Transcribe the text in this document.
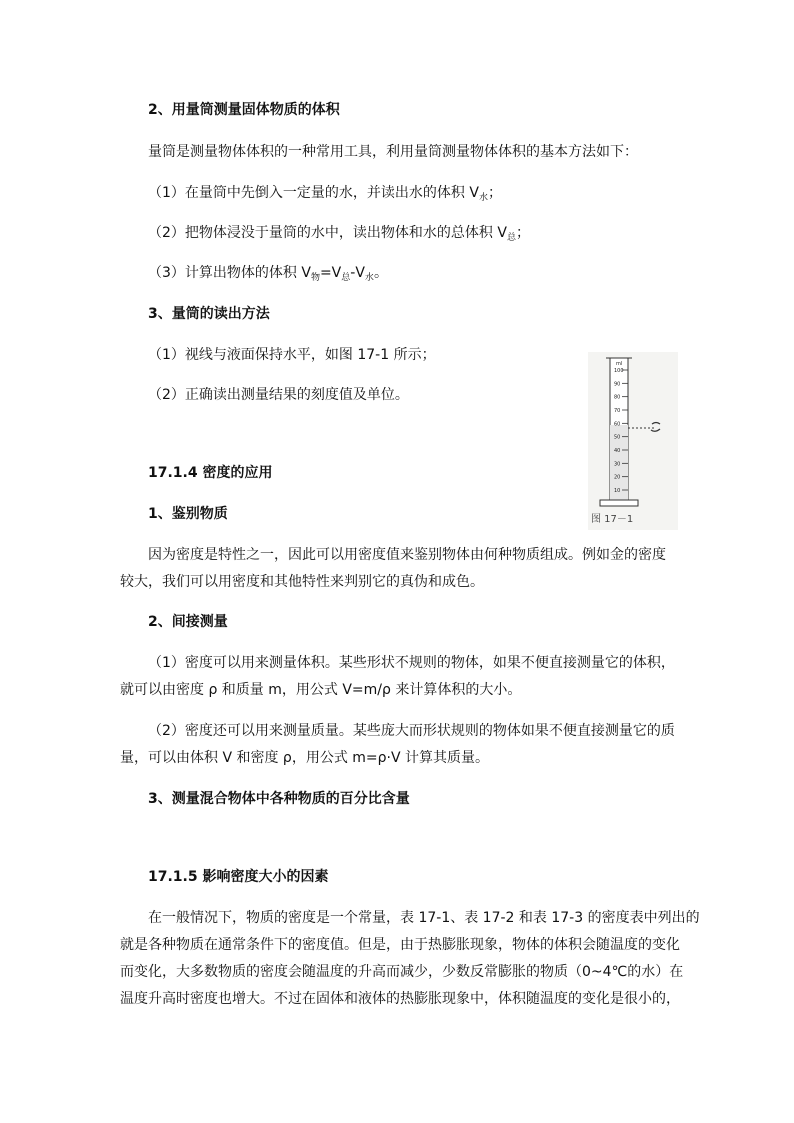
2、用量筒测量固体物质的体积
量筒是测量物体体积的一种常用工具，利用量筒测量物体体积的基本方法如下：
（1）在量筒中先倒入一定量的水，并读出水的体积 $V_水$；
（2）把物体浸没于量筒的水中，读出物体和水的总体积 $V_总$；
（3）计算出物体的体积 $V_物=V_总-V_水$。
3、量筒的读出方法
（1）视线与液面保持水平，如图 17-1 所示；
（2）正确读出测量结果的刻度值及单位。
ml
100
90
80
70
60
50
40
30
20
10
图 17－1
17.1.4 密度的应用
1、鉴别物质
因为密度是特性之一，因此可以用密度值来鉴别物体由何种物质组成。例如金的密度
较大，我们可以用密度和其他特性来判别它的真伪和成色。
2、间接测量
（1）密度可以用来测量体积。某些形状不规则的物体，如果不便直接测量它的体积，
就可以由密度 ρ 和质量 m，用公式 V=m/ρ 来计算体积的大小。
（2）密度还可以用来测量质量。某些庞大而形状规则的物体如果不便直接测量它的质
量，可以由体积 V 和密度 ρ，用公式 m=ρ·V 计算其质量。
3、测量混合物体中各种物质的百分比含量
17.1.5 影响密度大小的因素
在一般情况下，物质的密度是一个常量，表 17-1、表 17-2 和表 17-3 的密度表中列出的
就是各种物质在通常条件下的密度值。但是，由于热膨胀现象，物体的体积会随温度的变化
而变化，大多数物质的密度会随温度的升高而减少，少数反常膨胀的物质（0~4℃的水）在
温度升高时密度也增大。不过在固体和液体的热膨胀现象中，体积随温度的变化是很小的，
